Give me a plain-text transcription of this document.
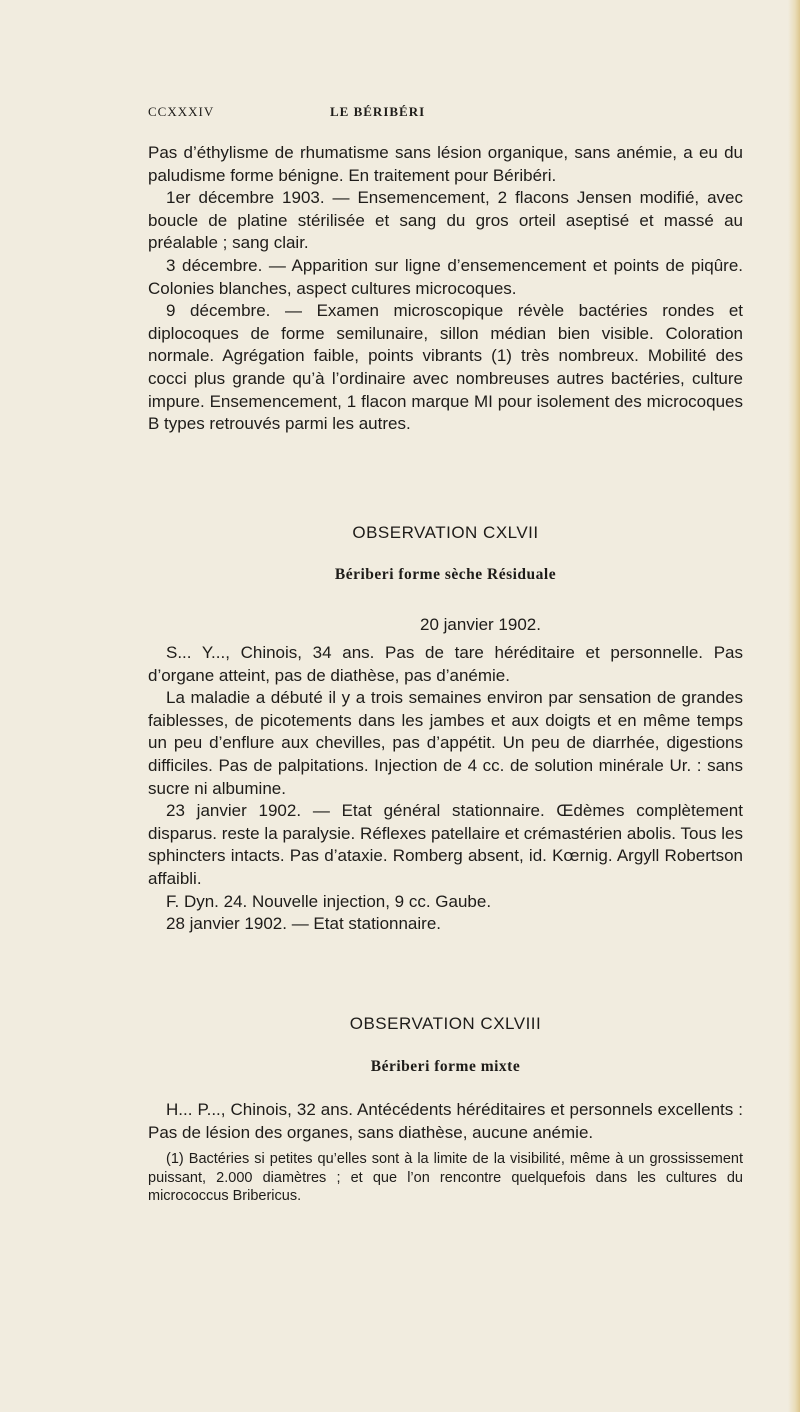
CCXXXIV	LE BÉRIBÉRI

Pas d’éthylisme de rhumatisme sans lésion organique, sans anémie, a eu du paludisme forme bénigne. En traitement pour Béribéri.

1er décembre 1903. — Ensemencement, 2 flacons Jensen modifié, avec boucle de platine stérilisée et sang du gros orteil aseptisé et massé au préalable ; sang clair.

3 décembre. — Apparition sur ligne d’ensemencement et points de piqûre. Colonies blanches, aspect cultures microcoques.

9 décembre. — Examen microscopique révèle bactéries rondes et diplocoques de forme semilunaire, sillon médian bien visible. Coloration normale. Agrégation faible, points vibrants (1) très nombreux. Mobilité des cocci plus grande qu’à l’ordinaire avec nombreuses autres bactéries, culture impure. Ensemencement, 1 flacon marque MI pour isolement des microcoques B types retrouvés parmi les autres.

OBSERVATION CXLVII
Bériberi forme sèche Résiduale
20 janvier 1902.

S... Y..., Chinois, 34 ans. Pas de tare héréditaire et personnelle. Pas d’organe atteint, pas de diathèse, pas d’anémie.

La maladie a débuté il y a trois semaines environ par sensation de grandes faiblesses, de picotements dans les jambes et aux doigts et en même temps un peu d’enflure aux chevilles, pas d’appétit. Un peu de diarrhée, digestions difficiles. Pas de palpitations. Injection de 4 cc. de solution minérale Ur. : sans sucre ni albumine.

23 janvier 1902. — Etat général stationnaire. Œdèmes complètement disparus. reste la paralysie. Réflexes patellaire et crémastérien abolis. Tous les sphincters intacts. Pas d’ataxie. Romberg absent, id. Kœrnig. Argyll Robertson affaibli.

F. Dyn. 24. Nouvelle injection, 9 cc. Gaube.

28 janvier 1902. — Etat stationnaire.

OBSERVATION CXLVIII
Bériberi forme mixte

H... P..., Chinois, 32 ans. Antécédents héréditaires et personnels excellents : Pas de lésion des organes, sans diathèse, aucune anémie.

(1) Bactéries si petites qu’elles sont à la limite de la visibilité, même à un grossissement puissant, 2.000 diamètres ; et que l’on rencontre quelquefois dans les cultures du micrococcus Bribericus.
